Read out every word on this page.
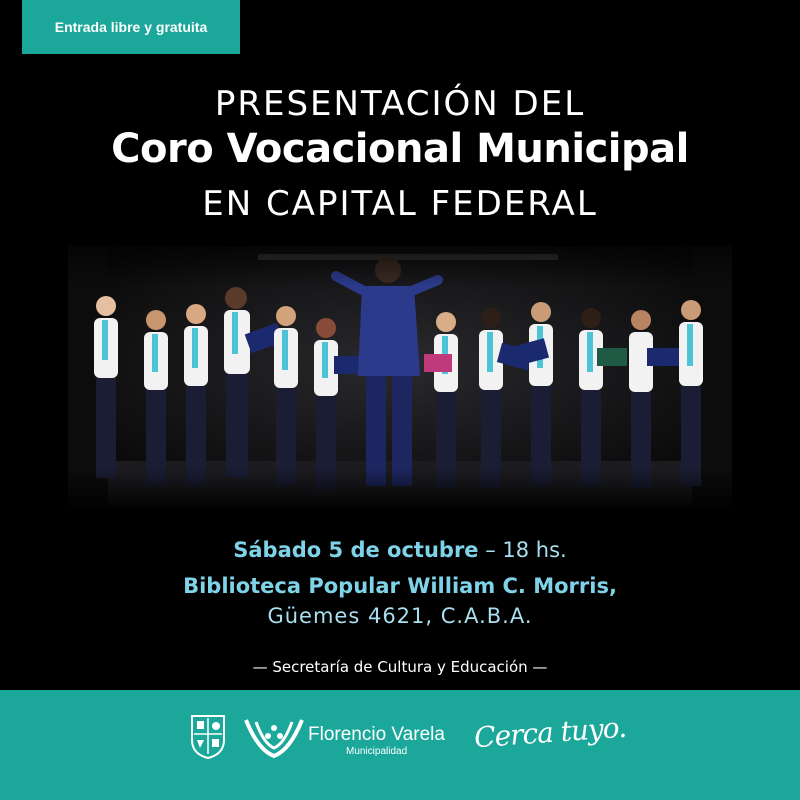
Entrada libre y gratuita
PRESENTACIÓN DEL
Coro Vocacional Municipal
EN CAPITAL FEDERAL
Sábado 5 de octubre – 18 hs.
Biblioteca Popular William C. Morris,
Güemes 4621, C.A.B.A.
— Secretaría de Cultura y Educación —
Florencio Varela
Municipalidad Cerca tuyo.
